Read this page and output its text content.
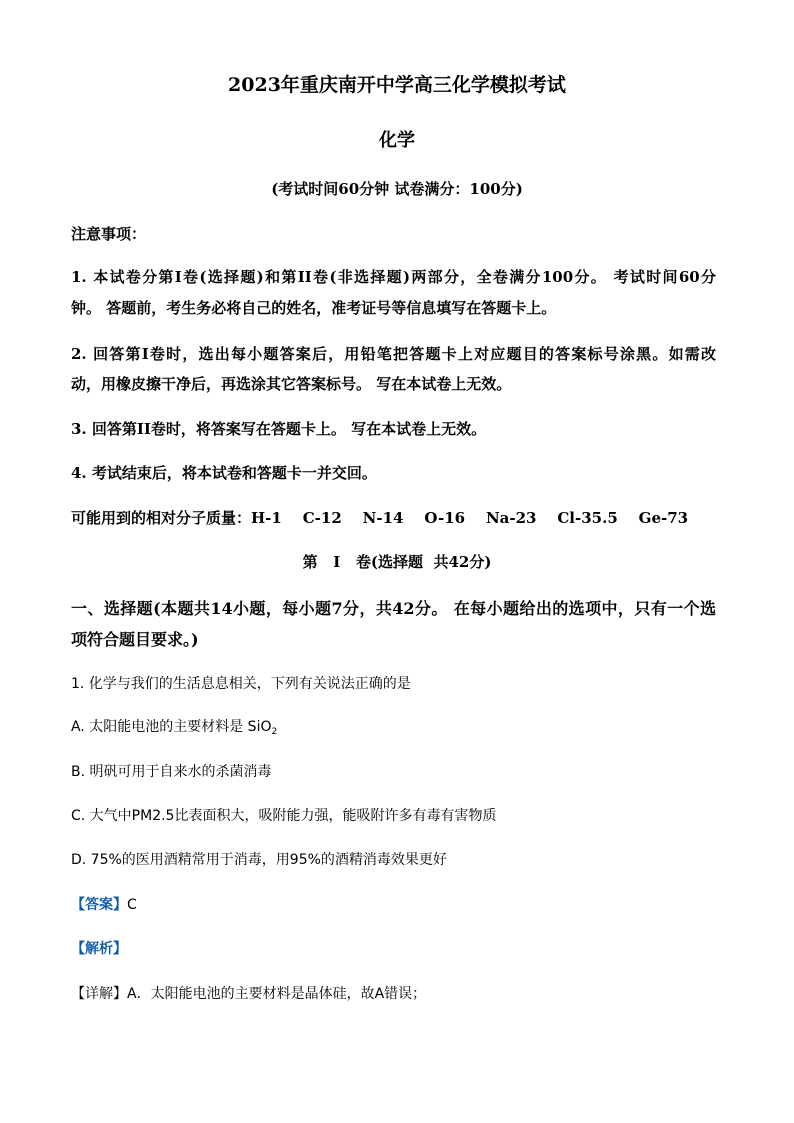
2023年重庆南开中学高三化学模拟考试
化学
(考试时间60分钟 试卷满分：100分)
注意事项：
1. 本试卷分第I卷(选择题)和第II卷(非选择题)两部分，全卷满分100分。 考试时间60分
钟。 答题前，考生务必将自己的姓名，准考证号等信息填写在答题卡上。
2. 回答第I卷时，选出每小题答案后，用铅笔把答题卡上对应题目的答案标号涂黑。如需改
动，用橡皮擦干净后，再选涂其它答案标号。 写在本试卷上无效。
3. 回答第II卷时，将答案写在答题卡上。 写在本试卷上无效。
4. 考试结束后，将本试卷和答题卡一并交回。
可能用到的相对分子质量：H-1    C-12    N-14    O-16    Na-23    Cl-35.5    Ge-73
第   I   卷(选择题  共42分)
一、选择题(本题共14小题，每小题7分，共42分。 在每小题给出的选项中，只有一个选
项符合题目要求。)
1. 化学与我们的生活息息相关，下列有关说法正确的是
A. 太阳能电池的主要材料是 SiO$_2$
B. 明矾可用于自来水的杀菌消毒
C. 大气中PM2.5比表面积大，吸附能力强，能吸附许多有毒有害物质
D. 75%的医用酒精常用于消毒，用95%的酒精消毒效果更好
【答案】C
【解析】
【详解】A．太阳能电池的主要材料是晶体硅，故A错误；
